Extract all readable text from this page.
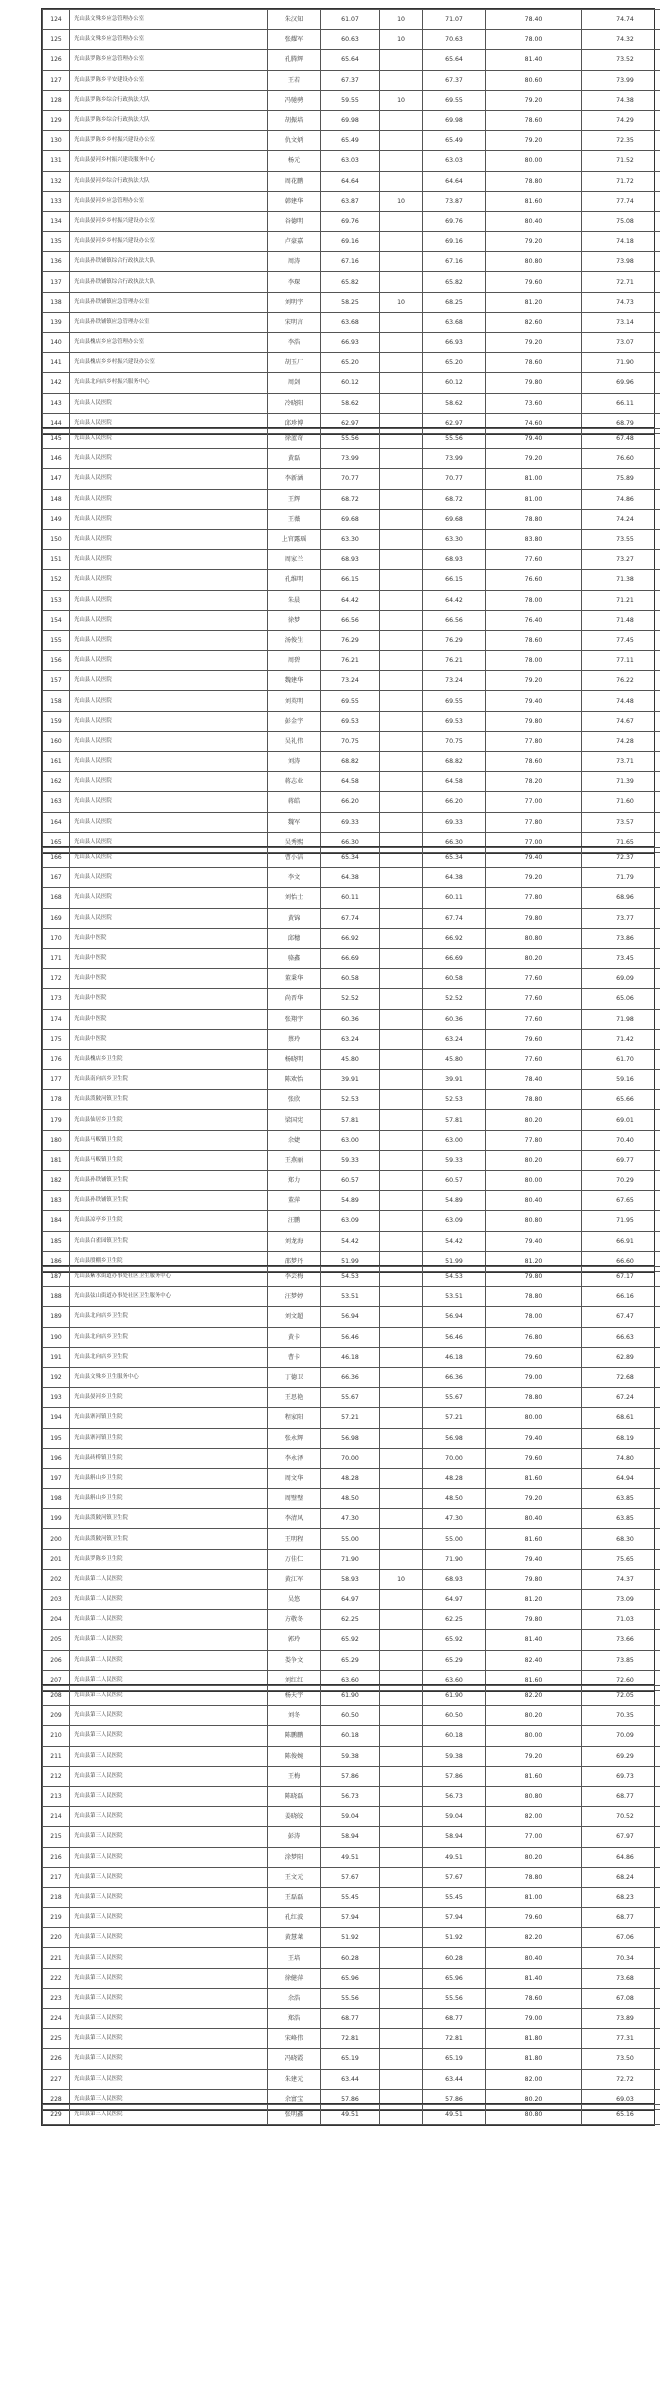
124	光山县文殊乡应急管理办公室	朱汉知	61.07	10	71.07	78.40	74.74
125	光山县文殊乡应急管理办公室	张耀军	60.63	10	70.63	78.00	74.32
126	光山县罗陈乡应急管理办公室	孔腾辉	65.64		65.64	81.40	73.52
127	光山县罗陈乡平安建设办公室	王若	67.37		67.37	80.60	73.99
128	光山县罗陈乡综合行政执法大队	冯驰骋	59.55	10	69.55	79.20	74.38
129	光山县罗陈乡综合行政执法大队	胡振培	69.98		69.98	78.60	74.29
130	光山县罗陈乡乡村振兴建设办公室	仇文炳	65.49		65.49	79.20	72.35
131	光山县晏河乡村振兴建设服务中心	杨元	63.03		63.03	80.00	71.52
132	光山县晏河乡综合行政执法大队	周花鹏	64.64		64.64	78.80	71.72
133	光山县晏河乡应急管理办公室	韩建华	63.87	10	73.87	81.60	77.74
134	光山县晏河乡乡村振兴建设办公室	谷德明	69.76		69.76	80.40	75.08
135	光山县晏河乡乡村振兴建设办公室	卢豪嘉	69.16		69.16	79.20	74.18
136	光山县孙铁铺镇综合行政执法大队	周涛	67.16		67.16	80.80	73.98
137	光山县孙铁铺镇综合行政执法大队	李琛	65.82		65.82	79.60	72.71
138	光山县孙铁铺镇应急管理办公室	刘明宇	58.25	10	68.25	81.20	74.73
139	光山县孙铁铺镇应急管理办公室	宋明言	63.68		63.68	82.60	73.14
140	光山县槐店乡应急管理办公室	李浩	66.93		66.93	79.20	73.07
141	光山县槐店乡乡村振兴建设办公室	胡玉厂	65.20		65.20	78.60	71.90
142	光山县北向店乡村振兴服务中心	周剑	60.12		60.12	79.80	69.96
143	光山县人民医院	冷晓阳	58.62		58.62	73.60	66.11
144	光山县人民医院	邱珍博	62.97		62.97	74.60	68.79
145	光山县人民医院	徐蓝奇	55.56		55.56	79.40	67.48
146	光山县人民医院	黄磊	73.99		73.99	79.20	76.60
147	光山县人民医院	李新涵	70.77		70.77	81.00	75.89
148	光山县人民医院	王辉	68.72		68.72	81.00	74.86
149	光山县人民医院	王薇	69.68		69.68	78.80	74.24
150	光山县人民医院	上官露瑶	63.30		63.30	83.80	73.55
151	光山县人民医院	周家兰	68.93		68.93	77.60	73.27
152	光山县人民医院	孔维明	66.15		66.15	76.60	71.38
153	光山县人民医院	朱晨	64.42		64.42	78.00	71.21
154	光山县人民医院	徐梦	66.56		66.56	76.40	71.48
155	光山县人民医院	汤俊生	76.29		76.29	78.60	77.45
156	光山县人民医院	周碧	76.21		76.21	78.00	77.11
157	光山县人民医院	魏建华	73.24		73.24	79.20	76.22
158	光山县人民医院	刘英明	69.55		69.55	79.40	74.48
159	光山县人民医院	彭金宇	69.53		69.53	79.80	74.67
160	光山县人民医院	吴礼伟	70.75		70.75	77.80	74.28
161	光山县人民医院	刘涛	68.82		68.82	78.60	73.71
162	光山县人民医院	蒋志业	64.58		64.58	78.20	71.39
163	光山县人民医院	蒋皓	66.20		66.20	77.00	71.60
164	光山县人民医院	魏军	69.33		69.33	77.80	73.57
165	光山县人民医院	吴秀熙	66.30		66.30	77.00	71.65
166	光山县人民医院	曹小洁	65.34		65.34	79.40	72.37
167	光山县人民医院	李文	64.38		64.38	79.20	71.79
168	光山县人民医院	刘怡士	60.11		60.11	77.80	68.96
169	光山县人民医院	黄锦	67.74		67.74	79.80	73.77
170	光山县中医院	邱穗	66.92		66.92	80.80	73.86
171	光山县中医院	骆鑫	66.69		66.69	80.20	73.45
172	光山县中医院	董秉华	60.58		60.58	77.60	69.09
173	光山县中医院	尚晋华	52.52		52.52	77.60	65.06
174	光山县中医院	张翔宇	60.36		60.36	77.60	71.98
175	光山县中医院	蔡玲	63.24		63.24	79.60	71.42
176	光山县槐店乡卫生院	杨晓明	45.80		45.80	77.60	61.70
177	光山县南向店乡卫生院	陈欢怡	39.91		39.91	78.40	59.16
178	光山县泼陂河镇卫生院	张欣	52.53		52.53	78.80	65.66
179	光山县仙居乡卫生院	梁国宪	57.81		57.81	80.20	69.01
180	光山县马畈镇卫生院	余婕	63.00		63.00	77.80	70.40
181	光山县马畈镇卫生院	王燕丽	59.33		59.33	80.20	69.77
182	光山县孙铁铺镇卫生院	郑力	60.57		60.57	80.00	70.29
183	光山县孙铁铺镇卫生院	董萍	54.89		54.89	80.40	67.65
184	光山县凉亭乡卫生院	汪鹏	63.09		63.09	80.80	71.95
185	光山县白雀园镇卫生院	刘龙海	54.42		54.42	79.40	66.91
186	光山县殷棚乡卫生院	邵梦丹	51.99		51.99	81.20	66.60
187	光山县紫水街道办事处社区卫生服务中心	李芸梅	54.53		54.53	79.80	67.17
188	光山县弦山街道办事处社区卫生服务中心	汪梦婷	53.51		53.51	78.80	66.16
189	光山县北向店乡卫生院	刘文超	56.94		56.94	78.00	67.47
190	光山县北向店乡卫生院	黄卡	56.46		56.46	76.80	66.63
191	光山县北向店乡卫生院	曹卡	46.18		46.18	79.60	62.89
192	光山县文殊乡卫生服务中心	丁德卫	66.36		66.36	79.00	72.68
193	光山县晏河乡卫生院	王思艳	55.67		55.67	78.80	67.24
194	光山县寨河镇卫生院	程家阳	57.21		57.21	80.00	68.61
195	光山县寨河镇卫生院	张永辉	56.98		56.98	79.40	68.19
196	光山县砖桥镇卫生院	李永泽	70.00		70.00	79.60	74.80
197	光山县斛山乡卫生院	周文华	48.28		48.28	81.60	64.94
198	光山县斛山乡卫生院	周璧璧	48.50		48.50	79.20	63.85
199	光山县泼陂河镇卫生院	李清风	47.30		47.30	80.40	63.85
200	光山县泼陂河镇卫生院	王明程	55.00		55.00	81.60	68.30
201	光山县罗陈乡卫生院	万佳仁	71.90		71.90	79.40	75.65
202	光山县第二人民医院	黄江军	58.93	10	68.93	79.80	74.37
203	光山县第二人民医院	吴悠	64.97		64.97	81.20	73.09
204	光山县第二人民医院	方敬冬	62.25		62.25	79.80	71.03
205	光山县第二人民医院	郭玲	65.92		65.92	81.40	73.66
206	光山县第二人民医院	娄争文	65.29		65.29	82.40	73.85
207	光山县第二人民医院	刘红红	63.60		63.60	81.60	72.60
208	光山县第三人民医院	杨天宇	61.90		61.90	82.20	72.05
209	光山县第三人民医院	刘冬	60.50		60.50	80.20	70.35
210	光山县第三人民医院	陈鹏鹏	60.18		60.18	80.00	70.09
211	光山县第三人民医院	陈俊婉	59.38		59.38	79.20	69.29
212	光山县第三人民医院	王梅	57.86		57.86	81.60	69.73
213	光山县第三人民医院	陈晓磊	56.73		56.73	80.80	68.77
214	光山县第三人民医院	姜晓皎	59.04		59.04	82.00	70.52
215	光山县第三人民医院	彭涛	58.94		58.94	77.00	67.97
216	光山县第三人民医院	涂梦阳	49.51		49.51	80.20	64.86
217	光山县第三人民医院	王文元	57.67		57.67	78.80	68.24
218	光山县第三人民医院	王磊磊	55.45		55.45	81.00	68.23
219	光山县第三人民医院	孔红波	57.94		57.94	79.60	68.77
220	光山县第三人民医院	黄慧莱	51.92		51.92	82.20	67.06
221	光山县第三人民医院	王培	60.28		60.28	80.40	70.34
222	光山县第三人民医院	徐健萍	65.96		65.96	81.40	73.68
223	光山县第三人民医院	余浩	55.56		55.56	78.60	67.08
224	光山县第三人民医院	郑浩	68.77		68.77	79.00	73.89
225	光山县第三人民医院	宋峰伟	72.81		72.81	81.80	77.31
226	光山县第三人民医院	冯晓霞	65.19		65.19	81.80	73.50
227	光山县第三人民医院	朱建元	63.44		63.44	82.00	72.72
228	光山县第三人民医院	余富宝	57.86		57.86	80.20	69.03
229	光山县第三人民医院	张明鑫	49.51		49.51	80.80	65.16
